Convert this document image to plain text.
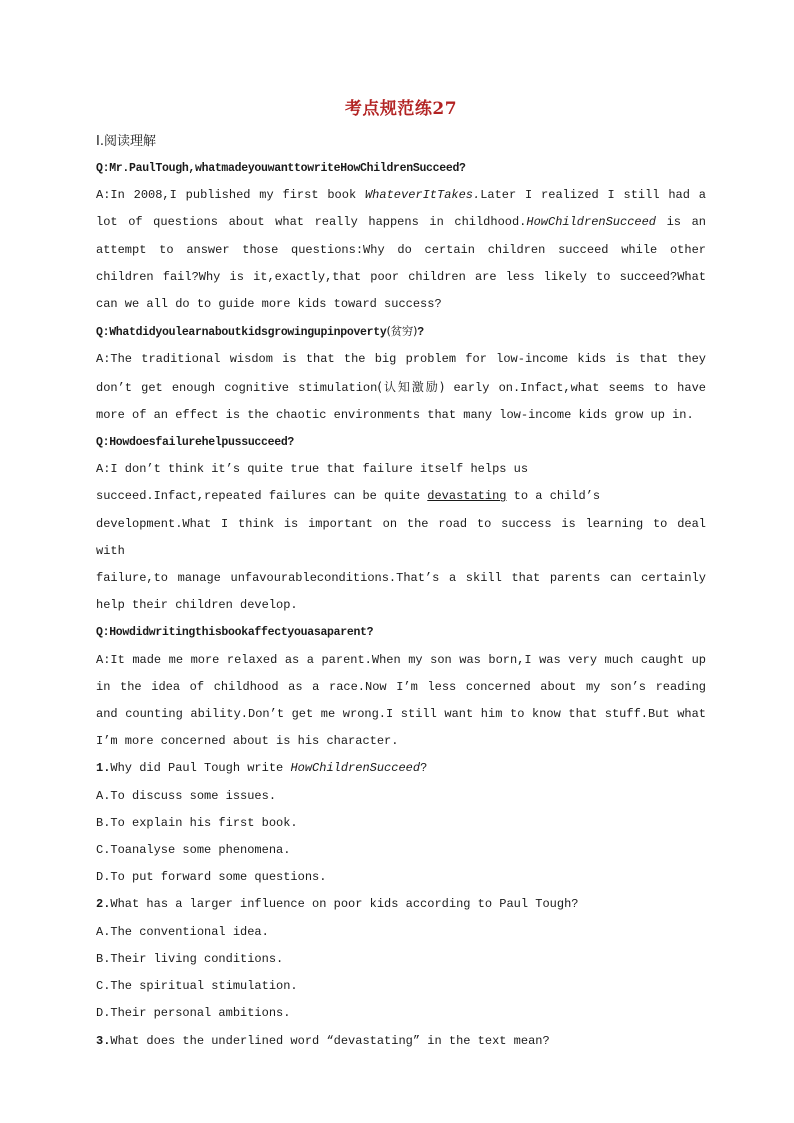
考点规范练27
Ⅰ.阅读理解

Q:Mr.PaulTough,whatmadeyouwanttowriteHowChildrenSucceed?

A:In 2008,I published my first book WhateverItTakes.Later I realized I still had a

lot of questions about what really happens in childhood.HowChildrenSucceed is an

attempt to answer those questions:Why do certain children succeed while other

children fail?Why is it,exactly,that poor children are less likely to succeed?What

can we all do to guide more kids toward success?

Q:Whatdidyoulearnaboutkidsgrowingupinpoverty(贫穷)?

A:The traditional wisdom is that the big problem for low-income kids is that they

don’t get enough cognitive stimulation(认知激励) early on.Infact,what seems to have

more of an effect is the chaotic environments that many low-income kids grow up in.

Q:Howdoesfailurehelpussucceed?

A:I don’t think it’s quite true that failure itself helps us

succeed.Infact,repeated failures can be quite devastating to a child’s

development.What I think is important on the road to success is learning to deal with

failure,to manage unfavourableconditions.That’s a skill that parents can certainly

help their children develop.

Q:Howdidwritingthisbookaffectyouasaparent?

A:It made me more relaxed as a parent.When my son was born,I was very much caught up

in the idea of childhood as a race.Now I’m less concerned about my son’s reading

and counting ability.Don’t get me wrong.I still want him to know that stuff.But what

I’m more concerned about is his character.

1.Why did Paul Tough write HowChildrenSucceed?

A.To discuss some issues.

B.To explain his first book.

C.Toanalyse some phenomena.

D.To put forward some questions.

2.What has a larger influence on poor kids according to Paul Tough?

A.The conventional idea.

B.Their living conditions.

C.The spiritual stimulation.

D.Their personal ambitions.

3.What does the underlined word “devastating” in the text mean?
